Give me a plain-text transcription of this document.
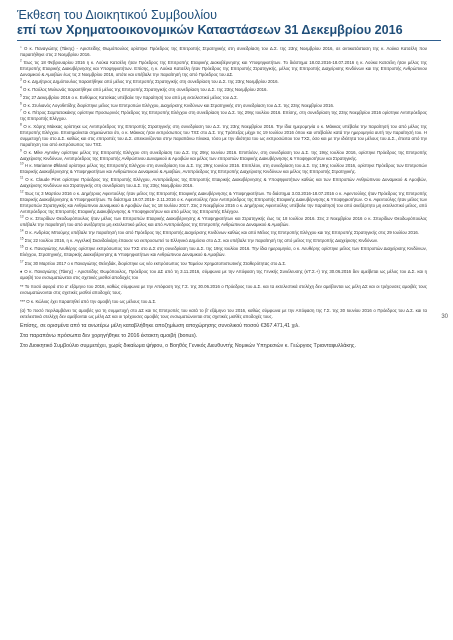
Έκθεση του Διοικητικού Συμβουλίου
επί των Χρηματοοικονομικών Καταστάσεων 31 Δεκεμβρίου 2016

$^1$ Ο κ. Παναγιώτης (Τάκης) - Αριστείδης Θωμόπουλος ορίστηκε Πρόεδρος της Επιτροπής Στρατηγικής στη συνεδρίαση του Δ.Σ. της 23ης Νοεμβρίου 2016, σε αντικατάσταση της κ. Λούκα Κατσέλη που παραιτήθηκε στις 2 Νοεμβρίου 2016.

$^2$ Έως τις 18 Φεβρουαρίου 2016 η κ. Λούκα Κατσέλη ήταν Πρόεδρος της Επιτροπής Εταιρικής Διακυβέρνησης και Υποψηφιοτήτων. Το διάστημα 18.02.2016-18.07.2016 η κ. Λούκα Κατσέλη ήταν μέλος της Επιτροπής Εταιρικής Διακυβέρνησης και Υποψηφιοτήτων. Επίσης, η κ. Λούκα Κατσέλη ήταν Πρόεδρος της Επιτροπής Στρατηγικής, μέλος της Επιτροπής Διαχείρισης Κινδύνων και της Επιτροπής Ανθρώπινου Δυναμικού & Αμοιβών έως τις 2 Νοεμβρίου 2016, οπότε και υπέβαλε την παραίτησή της από Πρόεδρος του ΔΣ.

$^3$ Ο κ. Δημήτριος Δημόπουλος παραιτήθηκε από μέλος της Επιτροπής Στρατηγικής στη συνεδρίαση του Δ.Σ. της 23ης Νοεμβρίου 2016.

$^4$ Ο κ. Παύλος Μυλωνάς παραιτήθηκε από μέλος της Επιτροπής Στρατηγικής στη συνεδρίαση του Δ.Σ. της 23ης Νοεμβρίου 2016.

$^5$ Στις 27 Δεκεμβρίου 2016 ο κ. Ευθύμιος Κατσίκας υπέβαλε την παραίτησή του από μη εκτελεστικό μέλος του Δ.Σ.

$^6$ Ο κ. Στυλιανός Λογοθετίδης διορίστηκε μέλος των Επιτροπών Ελέγχου, Διαχείρισης Κινδύνων και Στρατηγικής στη συνεδρίαση του Δ.Σ. της 23ης Νοεμβρίου 2016.

$^7$ Ο κ. Πέτρος Σαμπατακάκης ορίστηκε Προσωρινός Πρόεδρος της Επιτροπής Ελέγχου στη συνεδρίαση του Δ.Σ. της 29ης Ιουλίου 2016. Επίσης, στη συνεδρίαση της 23ης Νοεμβρίου 2016 ορίστηκε Αντιπρόεδρος της Επιτροπής Ελέγχου.

$^8$ Ο κ. Χάρης Μάκκας ορίστηκε ως Αντιπρόεδρος της Επιτροπής Στρατηγικής στη συνεδρίαση του Δ.Σ. της 23ης Νοεμβρίου 2016. Την ίδια ημερομηνία ο κ. Μάκκας υπέβαλε την παραίτησή του από μέλος της Επιτροπής Ελέγχου. Επισημαίνεται σημειώνεται ότι, ο κ. Μάκκας ήταν εκπρόσωπος του ΤΧΣ στο Δ.Σ. της Τράπεζας μέχρι τις 19 Ιουλίου 2016 όπου και υπέβαλλε κατά την ημερομηνία αυτή την παραίτησή του. Η συμμετοχή του στο Δ.Σ. καθώς και στις επιτροπές του Δ.Σ. απεικονίζονται στην παραπάνω πίνακα, τόσο με την ιδιότητα του ως εκπροσώπου του ΤΧΣ, όσο και με την ιδιότητα του μέλους του Δ.Σ., έπειτα από την παραίτηση του από εκπρόσωπος του ΤΧΣ.

$^9$ Ο κ. Mike Aynsley ορίστηκε μέλος της Επιτροπής Ελέγχου στη συνεδρίαση του Δ.Σ. της 29ης Ιουνίου 2016. Επιπλέον, στη συνεδρίαση του Δ.Σ. της 19ης Ιουλίου 2016, ορίστηκε Πρόεδρος της Επιτροπής Διαχείρισης Κινδύνων, Αντιπρόεδρος της Επιτροπής Ανθρώπινου Δυναμικού & Αμοιβών και μέλος των επιτροπών Εταιρικής Διακυβέρνησης & Υποψηφιοτήτων και Στρατηγικής.

$^{10}$ Η κ. Marianne Økland ορίστηκε μέλος της Επιτροπής Ελέγχου στη συνεδρίαση του Δ.Σ. της 29ης Ιουνίου 2016. Επιπλέον, στη συνεδρίαση του Δ.Σ. της 19ης Ιουλίου 2016, ορίστηκε Πρόεδρος των Επιτροπών Εταιρικής Διακυβέρνησης & Υποψηφιοτήτων και Ανθρώπινου Δυναμικού & Αμοιβών, Αντιπρόεδρος της Επιτροπής Διαχείρισης Κινδύνων και μέλος της Επιτροπής Στρατηγικής.

$^{11}$ Ο κ. Claude Piret ορίστηκε Πρόεδρος της Επιτροπής Ελέγχου, Αντιπρόεδρος της Επιτροπής Εταιρικής Διακυβέρνησης & Υποψηφιοτήτων καθώς και των Επιτροπών Ανθρώπινου Δυναμικού & Αμοιβών, Διαχείρισης Κινδύνων και Στρατηγικής στη συνεδρίαση του Δ.Σ. της 23ης Νοεμβρίου 2016.

$^{12}$ Έως τις 3 Μαρτίου 2016 ο κ. Δημήτριος Αφεντούλης ήταν μέλος της Επιτροπής Εταιρικής Διακυβέρνησης & Υποψηφιοτήτων. Το διάστημα 3.03.2016-18.07.2016 ο κ. Αφεντούλης ήταν Πρόεδρος της Επιτροπής Εταιρικής Διακυβέρνησης & Υποψηφιοτήτων. Το διάστημα 19.07.2016- 2.11.2016 ο κ. Αφεντούλης ήταν Αντιπρόεδρος της Επιτροπής Εταιρικής Διακυβέρνησης & Υποψηφιοτήτων. Ο κ. Αφεντούλης ήταν μέλος των Επιτροπών Στρατηγικής και Ανθρώπινου Δυναμικού & Αμοιβών έως τις 18 Ιουλίου 2017. Στις 2 Νοεμβρίου 2016 ο κ. Δημήτριος Αφεντούλης υπέβαλε την παραίτησή του από ανεξάρτητο μη εκτελεστικό μέλος, από Αντιπρόεδρος της Επιτροπής Εταιρικής Διακυβέρνησης & Υποψηφιοτήτων και από μέλος της Επιτροπής Ελέγχου.

$^{13}$ Ο κ. Σπυρίδων Θεοδωρόπουλος ήταν μέλος των Επιτροπών Εταιρικής Διακυβέρνησης & Υποψηφιοτήτων και Στρατηγικής έως τις 18 Ιουλίου 2016. Στις 2 Νοεμβρίου 2016 ο κ. Σπυρίδων Θεοδωρόπουλος υπέβαλε την παραίτησή του από ανεξάρτητο μη εκτελεστικό μέλος και από Αντιπρόεδρος της Επιτροπής Ανθρώπινου Δυναμικού & Αμοιβών.

$^{14}$ Ο κ. Ανδρέας Μπούμης υπέβαλε την παραίτησή του από Πρόεδρος της Επιτροπής Διαχείρισης Κινδύνων καθώς και από Μέλος της Επιτροπής Ελέγχου και της Επιτροπής Στρατηγικής στις 29 Ιουλίου 2016.

$^{15}$ Στις 22 Ιουλίου 2016, η κ. Αγγελική Σκανδαλιάρη έπαυσε να εκπροσωπεί το Ελληνικό Δημόσιο στο Δ.Σ. και υπέβαλε την παραίτησή της από μέλος της Επιτροπής Διαχείρισης Κινδύνων.

$^{16}$ Ο κ. Παναγιώτης Λευθέρης ορίστηκε εκπρόσωπος του ΤΧΣ στο Δ.Σ στη συνεδρίαση του Δ.Σ. της 19ης Ιουλίου 2016. Την ίδια ημερομηνία, ο κ. Λευθέρης ορίστηκε μέλος των Επιτροπών Διαχείρισης Κινδύνων, Ελέγχου, Στρατηγικής, Εταιρικής Διακυβέρνησης & Υποψηφιοτήτων και Ανθρώπινου Δυναμικού & Αμοιβών.

$^{17}$ Στις 30 Μαρτίου 2017 ο κ Παναγιώτης Θεληδάκ, διορίστηκε ως νέο εκπρόσωπος του Ταμείου Χρηματοπιστωτικής Σταθερότητας στο Δ.Σ.

♦ Ο κ. Παναγιώτης (Τάκης) - Αριστείδης Θωμόπουλος, Πρόεδρος του ΔΣ από τη 3.11.2016, σύμφωνα με την Απόφαση της Γενικής Συνέλευσης (κ'Γ.Σ.+) της 30.06.2016 δεν αμείβεται ως μέλος του Δ.Σ. και η αμοιβή του ενσωματώνεται στις σχετικές μισθοί αποδοχές του

** Το ποσό αφορά στο α' εξάμηνο του 2016, καθώς σύμφωνα με την Απόφαση της Γ.Σ. της 30.06.2016 ο Πρόεδρος του Δ.Σ. και τα εκτελεστικά στελέχη δεν αμείβονται ως μέλη ΔΣ και οι τρέχουσες αμοιβές τους ενσωματώνονται στις σχετικές μισθοί αποδοχές τους.

*** Ο κ. Κώλιος έχει παραιτηθεί από την αμοιβή του ως μέλους του Δ.Σ.

(α) Το ποσό περιλαμβάνει τις αμοιβές για τη συμμετοχή στο ΔΣ και τις Επιτροπές του κατά το β' εξάμηνο του 2016, καθώς σύμφωνα με την Απόφαση της Γ.Σ. της 30 Ιουνίου 2016 ο Πρόεδρος του Δ.Σ. και τα εκτελεστικά στελέχη δεν αμείβονται ως μέλη ΔΣ και οι τρέχουσες αμοιβές τους ενσωματώνονται στις σχετικές μισθές αποδοχές τους.

Επίσης, σε ορισμένα από τα ανωτέρω μέλη καταβλήθηκε αποζημίωση αποχώρησης συνολικού ποσού €367.471,41 χιλ.

Στα παραπάνω πρόσωπα δεν χορηγήθηκε το 2016 έκτακτη αμοιβή (bonus).

Στο Διοικητικό Συμβούλιο συμμετέχει, χωρίς δικαίωμα ψήφου, ο Βοηθός Γενικός Διευθυντής Νομικών Υπηρεσιών κ. Γεώργιος Τριανταφυλλάκης.

30
